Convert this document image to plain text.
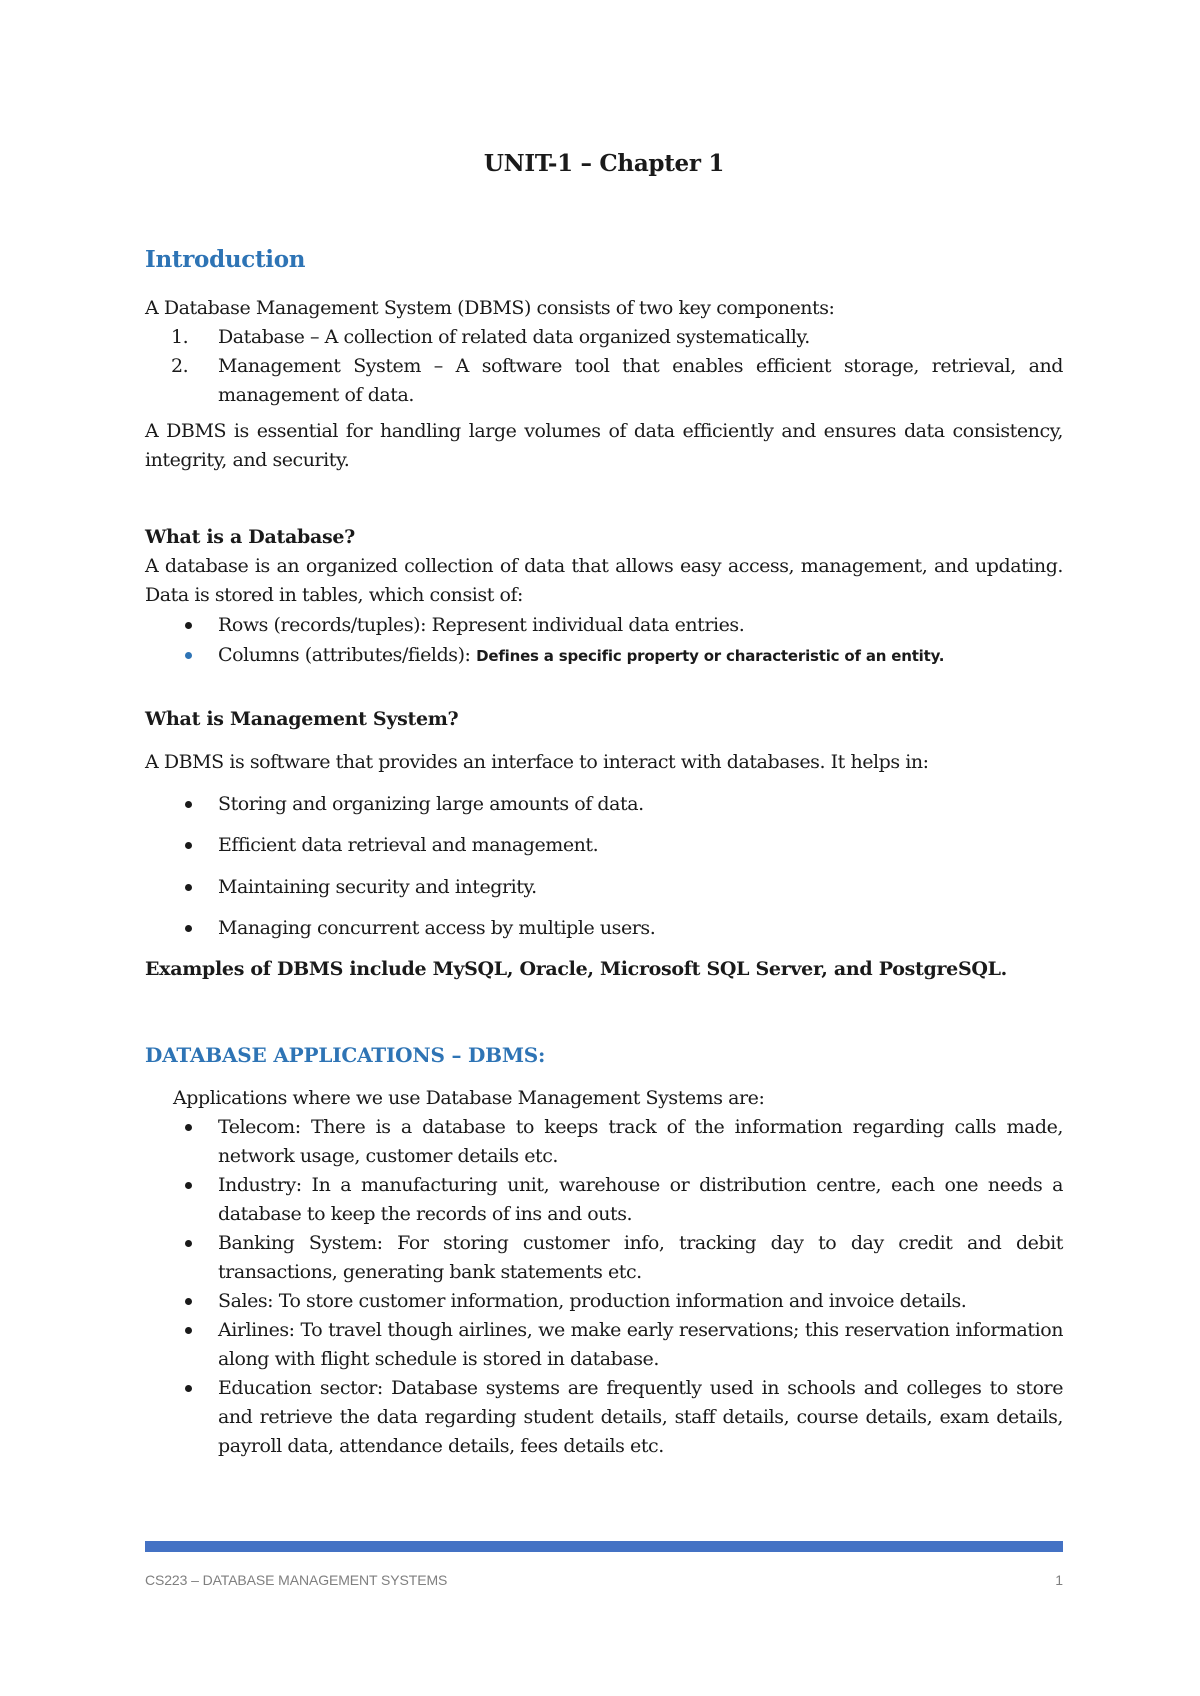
UNIT-1 – Chapter 1
Introduction
A Database Management System (DBMS) consists of two key components:
1.	Database – A collection of related data organized systematically.
2.	Management System – A software tool that enables efficient storage, retrieval, and management of data.
A DBMS is essential for handling large volumes of data efficiently and ensures data consistency, integrity, and security.
What is a Database?
A database is an organized collection of data that allows easy access, management, and updating. Data is stored in tables, which consist of:
Rows (records/tuples): Represent individual data entries.
Columns (attributes/fields): Defines a specific property or characteristic of an entity.
What is Management System?
A DBMS is software that provides an interface to interact with databases. It helps in:
Storing and organizing large amounts of data.
Efficient data retrieval and management.
Maintaining security and integrity.
Managing concurrent access by multiple users.
Examples of DBMS include MySQL, Oracle, Microsoft SQL Server, and PostgreSQL.
DATABASE APPLICATIONS – DBMS:
Applications where we use Database Management Systems are:
Telecom: There is a database to keeps track of the information regarding calls made, network usage, customer details etc.
Industry: In a manufacturing unit, warehouse or distribution centre, each one needs a database to keep the records of ins and outs.
Banking System: For storing customer info, tracking day to day credit and debit transactions, generating bank statements etc.
Sales: To store customer information, production information and invoice details.
Airlines: To travel though airlines, we make early reservations; this reservation information along with flight schedule is stored in database.
Education sector: Database systems are frequently used in schools and colleges to store and retrieve the data regarding student details, staff details, course details, exam details, payroll data, attendance details, fees details etc.
CS223 – DATABASE MANAGEMENT SYSTEMS	1
